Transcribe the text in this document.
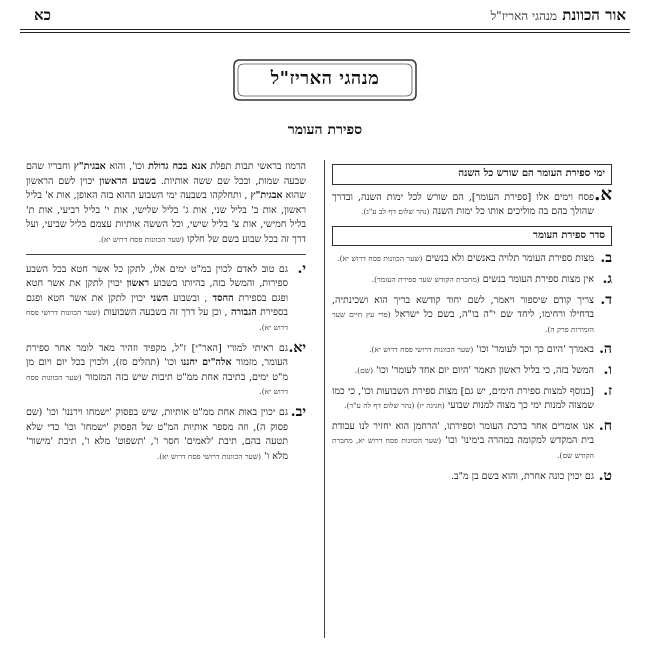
אור הכוונת מנהגי האריז"ל
כא
מנהגי האריז"ל
ספירת העומר
ימי ספירת העומר הם שורש כל השנה
א.
פסח וימים אלו [ספירת העומר], הם שורש לכל ימות השנה, ובדרך שהולך בהם בה מוליכים אותו כל ימות השנה (נהר שלום דף לב ע"ג).
סדר ספירת העומר
ב.
מצות ספירת העומר תלויה באנשים ולא בנשים (שער הכוונות פסח דרוש יא).
ג.
אין מצות ספירת העומר בנשים (מחברת הקודש שער ספירת העומר).
ד.
צריך קודם שיספור ויאמר, לשם יחוד קודשא בריך הוא ושכינתיה, בדחילו ורחימו, ליחד שם י"ה בו"ה, בשם כל ישראל (פרי עץ חיים שער הזמירות פרק ה).
ה.
באמרך 'היום כך וכך לעומר' וכו' (שער הכוונות דרושי פסח דרוש יא).
ו.
המשל בזה, כי בליל ראשון תאמר 'היום יום אחד לעומר' וכו' (שם).
ז.
[בנוסף למצות ספירת הימים, יש גם] מצות ספירת השבועות וכו', כי כמו שמצוה למנות ימי כך מצוה למנות שבועי (חגיגה יז) (נהר שלום דף לה ע"ד).
ח.
אנו אומרים אחר ברכת העומר וספירתו, 'הרחמן הוא יחזיר לנו עבודת בית המקדש למקומה במהרה בימינו' וכו' (שער הכוונות פסח דרוש יא, מחברת הקודש שם).
ט.
גם יכוין כונה אחרת, והוא בשם בן מ"ב.
הרמוז בראשי תבות תפלת אנא בכח גדולת וכו', והוא אבגית"ץ וחבריו שהם שבעה שמות, ובכל שם ששה אותיות. בשבוע הראשון יכוין לשם הראשון שהוא אבגית"ץ , ותחלקהו בשבעה ימי השבוע ההוא בזה האופן, אות א' בליל ראשון, אות ב' בליל שני, אות ג' בליל שלישי, אות י' בליל רביעי, אות ת' בליל חמישי, אות צ' בליל שישי, וכל הששה אותיות עצמם בליל שביעי, ועל דרך זה בכל שבוע בשם של חלקו (שער הכוונות פסח דרוש יא).
י.
גם טוב לאדם לכוין במ"ט ימים אלו, לתקן כל אשר חטא בכל השבע ספירות, והמשל בזה, בהיותו בשבוע ראשון יכוין לתקן את אשר חטא ופגם בספירת החסד , ובשבוע השני יכוין לתקן את אשר חטא ופגם בספירת הגבורה , וכן על דרך זה בשבעה השבועות (שער הכוונות דרושי פסח דרוש יא).
יא.
גם ראיתי למורי [האר"י] ז"ל, מקפיד וזהיר מאד לומר אחר ספירת העומר, מזמור אלה"ים יחננו וכו' (תהלים סז), ולכוין בכל יום ויום מן מ"ט ימים, בתיבה אחת ממ"ט תיבות שיש בזה המזמור (שער הכוונות פסח דרוש יא).
יב.
גם יכוין באות אחת ממ"ט אותיות, שיש בפסוק 'ישמחו וירננו' וכו' (שם פסוק ה), וזה מספר אותיות המ"ט של הפסוק 'ישמחו' וכו' כדי שלא תטעה בהם, תיבת 'לאמים' חסר ו', 'תשפוט' מלא ו', תיבת 'מישור' מלא ו' (שער הכוונות דרושי פסח דרוש יא).
